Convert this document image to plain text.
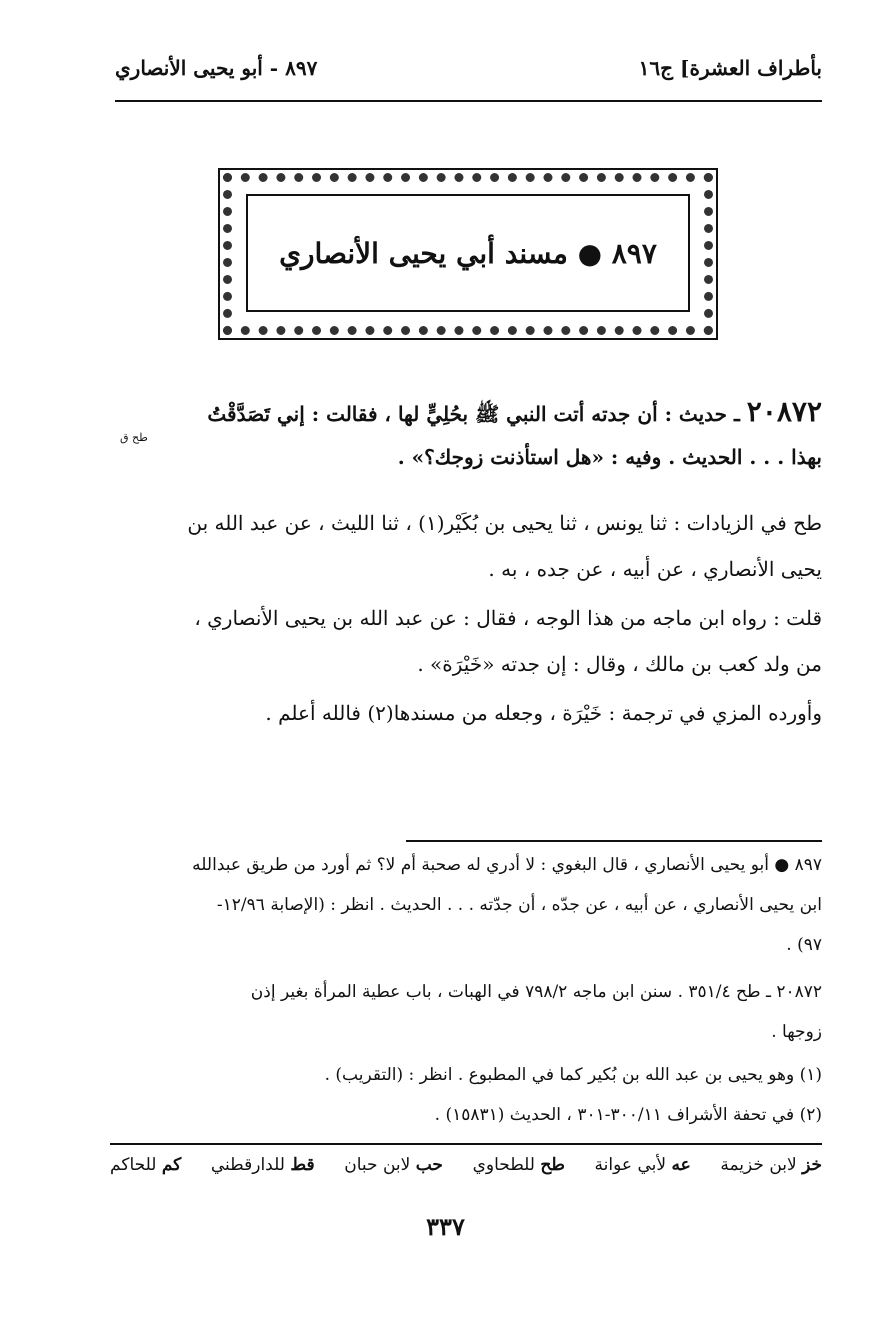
بأطراف العشرة] ج١٦
٨٩٧ - أبو يحيى الأنصاري
٨٩٧ ● مسند أبي يحيى الأنصاري
٢٠٨٧٢ ـ حديث : أن جدته أتت النبي ﷺ بحُلِيٍّ لها ، فقالت : إني تَصَدَّقْتُ
طح ق
بهذا . . . الحديث . وفيه : «هل استأذنت زوجك؟» .
طح في الزيادات : ثنا يونس ، ثنا يحيى بن بُكَيْر(١) ، ثنا الليث ، عن عبد الله بن
يحيى الأنصاري ، عن أبيه ، عن جده ، به .
قلت : رواه ابن ماجه من هذا الوجه ، فقال : عن عبد الله بن يحيى الأنصاري ،
من ولد كعب بن مالك ، وقال : إن جدته «خَيْرَة» .
وأورده المزي في ترجمة : خَيْرَة ، وجعله من مسندها(٢) فالله أعلم .
٨٩٧ ● أبو يحيى الأنصاري ، قال البغوي : لا أدري له صحبة أم لا؟ ثم أورد من طريق عبدالله
ابن يحيى الأنصاري ، عن أبيه ، عن جدّه ، أن جدّته . . . الحديث . انظر : (الإصابة ١٢/٩٦-
٩٧) .
٢٠٨٧٢ ـ طح ٣٥١/٤ . سنن ابن ماجه ٧٩٨/٢ في الهبات ، باب عطية المرأة بغير إذن
زوجها .
(١) وهو يحيى بن عبد الله بن بُكير كما في المطبوع . انظر : (التقريب) .
(٢) في تحفة الأشراف ٣٠٠/١١-٣٠١ ، الحديث (١٥٨٣١) .
خز لابن خزيمة
عه لأبي عوانة
طح للطحاوي
حب لابن حبان
قط للدارقطني
كم للحاكم
٣٣٧
